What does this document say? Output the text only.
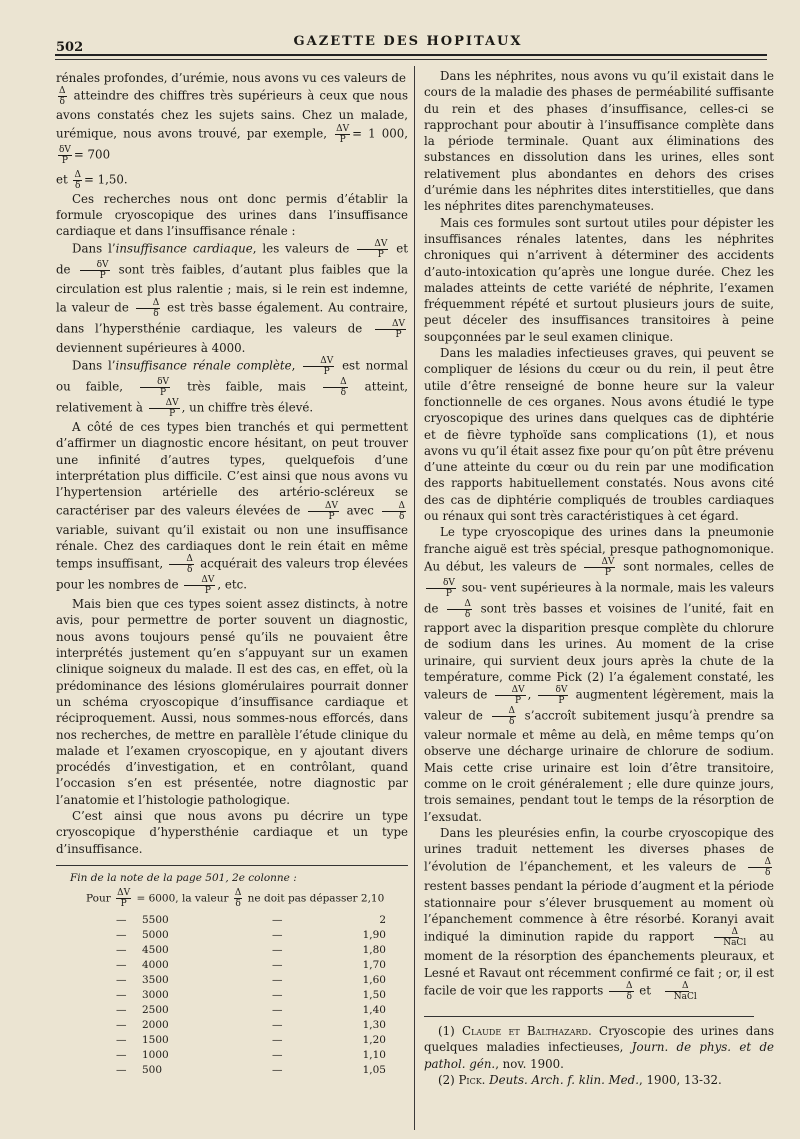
502	GAZETTE DES HOPITAUX

rénales profondes, d’urémie, nous avons vu ces valeurs de

$\frac{\Delta}{\delta}$ atteindre des chiffres très supérieurs à ceux que nous avons constatés chez les sujets sains. Chez un malade, urémique, nous avons trouvé, par exemple, $\frac{\Delta V}{P} = 1$ 000,
$\frac{\delta V}{P} = 700$

et $\frac{\Delta}{\delta} = 1,50$.

Ces recherches nous ont donc permis d’établir la formule cryoscopique des urines dans l’insuffisance cardiaque et dans l’insuffisance rénale :

Dans l’insuffisance cardiaque, les valeurs de $\frac{\Delta V}{P}$ et de $\frac{\delta V}{P}$ sont très faibles, d’autant plus faibles que la circulation est plus ralentie ; mais, si le rein est indemne, la valeur de $\frac{\Delta}{\delta}$ est très basse également. Au contraire, dans l’hypersthénie cardiaque, les valeurs de $\frac{\Delta V}{P}$
deviennent supérieures à 4000.

Dans l’insuffisance rénale complète, $\frac{\Delta V}{P}$ est normal ou faible, $\frac{\delta V}{P}$ très faible, mais $\frac{\Delta}{\delta}$ atteint, relativement à $\frac{\Delta V}{P}$ , un chiffre très élevé.

A côté de ces types bien tranchés et qui permettent d’affirmer un diagnostic encore hésitant, on peut trouver une infinité d’autres types, quelquefois d’une interprétation plus difficile. C’est ainsi que nous avons vu l’hypertension artérielle des artério-scléreux se caractériser par des valeurs élevées de $\frac{\Delta V}{P}$ avec $\frac{\Delta}{\delta}$
variable, suivant qu’il existait ou non une insuffisance rénale. Chez des cardiaques dont le rein était en même temps insuffisant, $\frac{\Delta}{\delta}$ acquérait des valeurs trop élevées pour les nombres de $\frac{\Delta V}{P}$ , etc.

Mais bien que ces types soient assez distincts, à notre avis, pour permettre de porter souvent un diagnostic, nous avons toujours pensé qu’ils ne pouvaient être interprétés justement qu’en s’appuyant sur un examen clinique soigneux du malade. Il est des cas, en effet, où la prédominance des lésions glomérulaires pourrait donner un schéma cryoscopique d’insuffisance cardiaque et réciproquement. Aussi, nous sommes-nous efforcés, dans nos recherches, de mettre en parallèle l’étude clinique du malade et l’examen cryoscopique, en y ajoutant divers procédés d’investigation, et en contrôlant, quand l’occasion s’en est présentée, notre diagnostic par l’anatomie et l’histologie pathologique.

C’est ainsi que nous avons pu décrire un type cryoscopique d’hypersthénie cardiaque et un type d’insuffisance.

Fin de la note de la page 501, 2e colonne :
Pour $\frac{\Delta V}{P} = 6000$, la valeur $\frac{\Delta}{\delta}$ ne doit pas dépasser 2,10
—	5500	—	2
—	5000	—	1,90
—	4500	—	1,80
—	4000	—	1,70
—	3500	—	1,60
—	3000	—	1,50
—	2500	—	1,40
—	2000	—	1,30
—	1500	—	1,20
—	1000	—	1,10
—	500	—	1,05

Dans les néphrites, nous avons vu qu’il existait dans le cours de la maladie des phases de perméabilité suffisante du rein et des phases d’insuffisance, celles-ci se rapprochant pour aboutir à l’insuffisance complète dans la période terminale. Quant aux éliminations des substances en dissolution dans les urines, elles sont relativement plus abondantes en dehors des crises d’urémie dans les néphrites dites interstitielles, que dans les néphrites dites parenchymateuses.

Mais ces formules sont surtout utiles pour dépister les insuffisances rénales latentes, dans les néphrites chroniques qui n’arrivent à déterminer des accidents d’auto-intoxication qu’après une longue durée. Chez les malades atteints de cette variété de néphrite, l’examen fréquemment répété et surtout plusieurs jours de suite, peut déceler des insuffisances transitoires à peine soupçonnées par le seul examen clinique.

Dans les maladies infectieuses graves, qui peuvent se compliquer de lésions du cœur ou du rein, il peut être utile d’être renseigné de bonne heure sur la valeur fonctionnelle de ces organes. Nous avons étudié le type cryoscopique des urines dans quelques cas de diphtérie et de fièvre typhoïde sans complications (1), et nous avons vu qu’il était assez fixe pour qu’on pût être prévenu d’une atteinte du cœur ou du rein par une modification des rapports habituellement constatés. Nous avons cité des cas de diphtérie compliqués de troubles cardiaques ou rénaux qui sont très caractéristiques à cet égard.

Le type cryoscopique des urines dans la pneumonie franche aiguë est très spécial, presque pathognomonique. Au début, les valeurs de $\frac{\Delta V}{P}$ sont normales, celles de
$\frac{\delta V}{P} sou-$ vent supérieures à la normale, mais les valeurs de $\frac{\Delta}{\delta}$ sont très basses et voisines de l’unité, fait en rapport avec la disparition presque complète du chlorure de sodium dans les urines. Au moment de la crise urinaire, qui survient deux jours après la chute de la température, comme Pick (2) l’a également constaté, les valeurs de $\frac{\Delta V}{P}$ , $\frac{\delta V}{P}$ augmentent légèrement, mais la valeur de $\frac{\Delta}{\delta}$ s’accroît subitement jusqu’à prendre sa valeur normale et même au delà, en même temps qu’on observe une décharge urinaire de chlorure de sodium. Mais cette crise urinaire est loin d’être transitoire, comme on le croit généralement ; elle dure quinze jours, trois semaines, pendant tout le temps de la résorption de l’exsudat.

Dans les pleurésies enfin, la courbe cryoscopique des urines traduit nettement les diverses phases de l’évolution de l’épanchement, et les valeurs de $\frac{\Delta}{\delta}$
restent basses pendant la période d’augment et la période stationnaire pour s’élever brusquement au moment où l’épanchement commence à être résorbé. Koranyi avait indiqué la diminution rapide du rapport	Δ
NaCl au moment de la résorption des épanchements pleuraux, et Lesné et Ravaut ont récemment confirmé ce fait ; or, il est facile de voir que les rapports $\frac{\Delta}{\delta}$ et	Δ
NaCl

(1) Claude et Balthazard. Cryoscopie des urines dans quelques maladies infectieuses, Journ. de phys. et de pathol. gén., nov. 1900.

(2) Pick. Deuts. Arch. f. klin. Med., 1900, 13-32.
